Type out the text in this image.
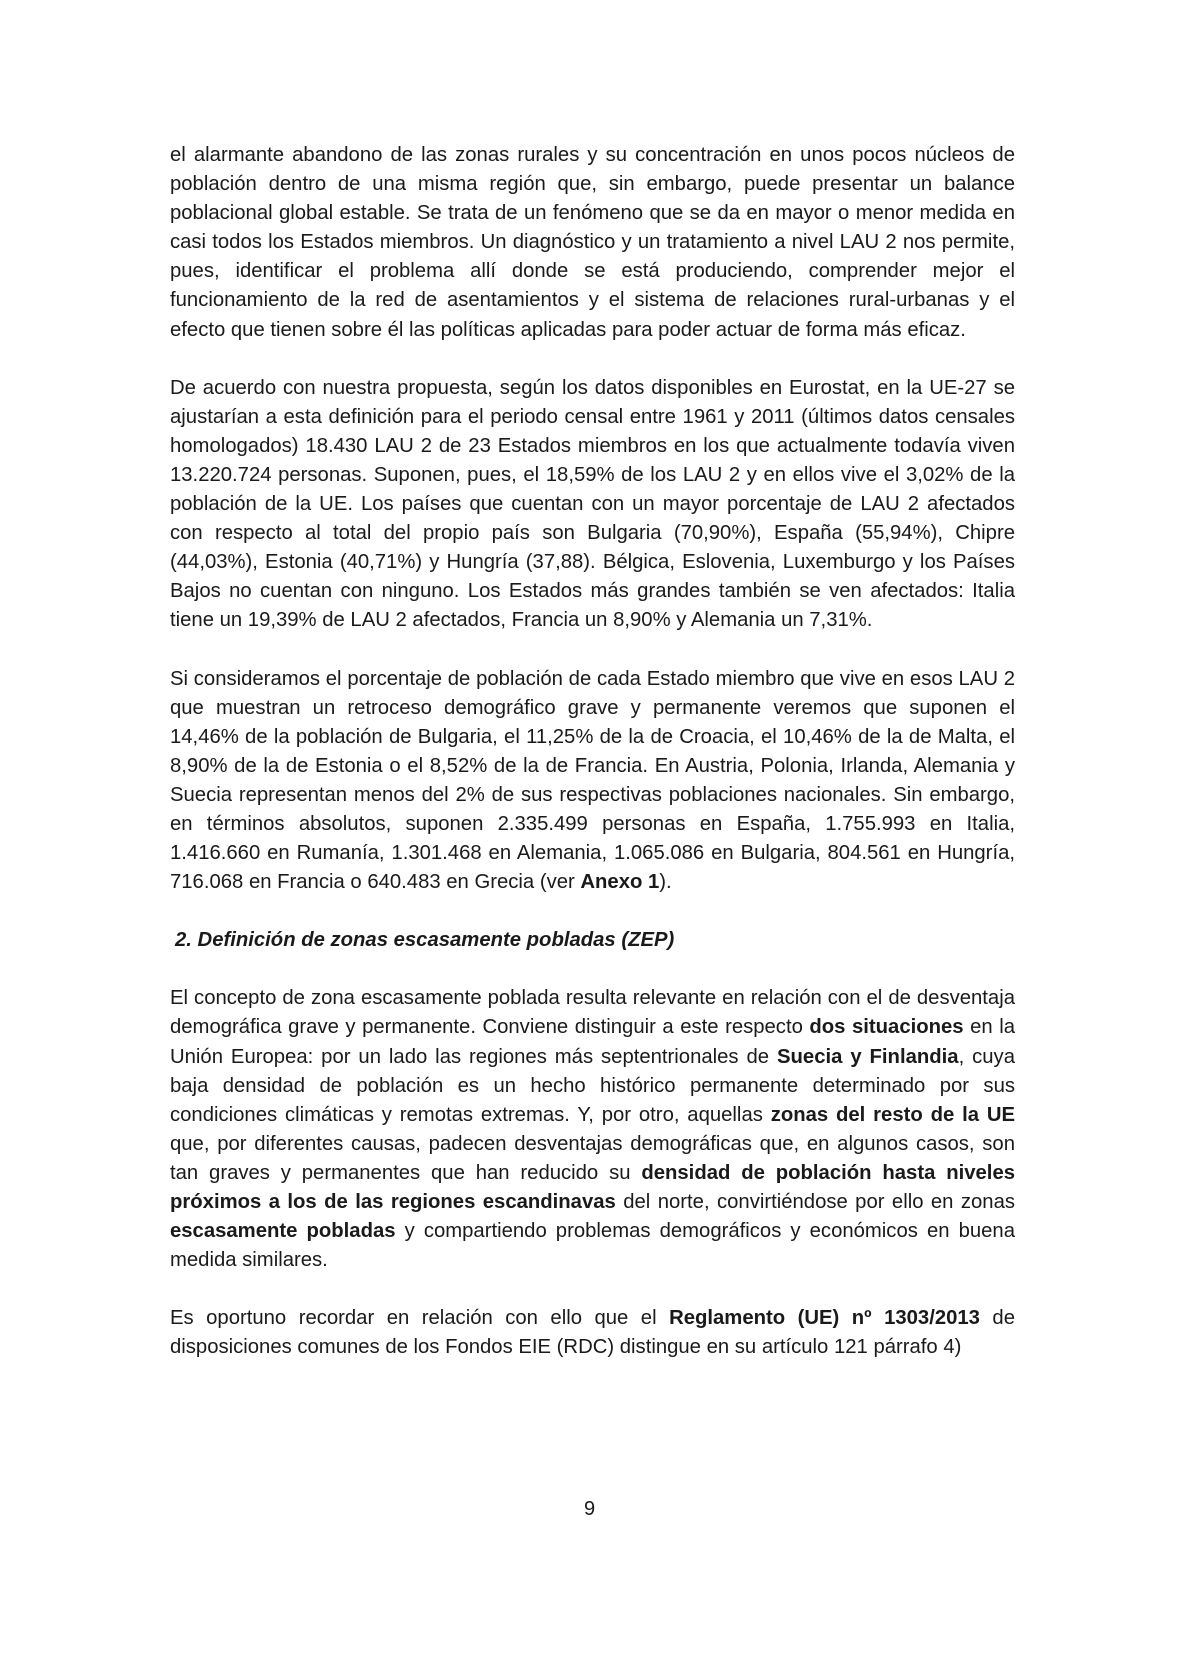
el alarmante abandono de las zonas rurales y su concentración en unos pocos núcleos de población dentro de una misma región que, sin embargo, puede presentar un balance poblacional global estable. Se trata de un fenómeno que se da en mayor o menor medida en casi todos los Estados miembros. Un diagnóstico y un tratamiento a nivel LAU 2 nos permite, pues, identificar el problema allí donde se está produciendo, comprender mejor el funcionamiento de la red de asentamientos y el sistema de relaciones rural-urbanas y el efecto que tienen sobre él las políticas aplicadas para poder actuar de forma más eficaz.

De acuerdo con nuestra propuesta, según los datos disponibles en Eurostat, en la UE-27 se ajustarían a esta definición para el periodo censal entre 1961 y 2011 (últimos datos censales homologados) 18.430 LAU 2 de 23 Estados miembros en los que actualmente todavía viven 13.220.724 personas. Suponen, pues, el 18,59% de los LAU 2 y en ellos vive el 3,02% de la población de la UE. Los países que cuentan con un mayor porcentaje de LAU 2 afectados con respecto al total del propio país son Bulgaria (70,90%), España (55,94%), Chipre (44,03%), Estonia (40,71%) y Hungría (37,88). Bélgica, Eslovenia, Luxemburgo y los Países Bajos no cuentan con ninguno. Los Estados más grandes también se ven afectados: Italia tiene un 19,39% de LAU 2 afectados, Francia un 8,90% y Alemania un 7,31%.

Si consideramos el porcentaje de población de cada Estado miembro que vive en esos LAU 2 que muestran un retroceso demográfico grave y permanente veremos que suponen el 14,46% de la población de Bulgaria, el 11,25% de la de Croacia, el 10,46% de la de Malta, el 8,90% de la de Estonia o el 8,52% de la de Francia. En Austria, Polonia, Irlanda, Alemania y Suecia representan menos del 2% de sus respectivas poblaciones nacionales. Sin embargo, en términos absolutos, suponen 2.335.499 personas en España, 1.755.993 en Italia, 1.416.660 en Rumanía, 1.301.468 en Alemania, 1.065.086 en Bulgaria, 804.561 en Hungría, 716.068 en Francia o 640.483 en Grecia (ver Anexo 1).

2. Definición de zonas escasamente pobladas (ZEP)

El concepto de zona escasamente poblada resulta relevante en relación con el de desventaja demográfica grave y permanente. Conviene distinguir a este respecto dos situaciones en la Unión Europea: por un lado las regiones más septentrionales de Suecia y Finlandia, cuya baja densidad de población es un hecho histórico permanente determinado por sus condiciones climáticas y remotas extremas. Y, por otro, aquellas zonas del resto de la UE que, por diferentes causas, padecen desventajas demográficas que, en algunos casos, son tan graves y permanentes que han reducido su densidad de población hasta niveles próximos a los de las regiones escandinavas del norte, convirtiéndose por ello en zonas escasamente pobladas y compartiendo problemas demográficos y económicos en buena medida similares.

Es oportuno recordar en relación con ello que el Reglamento (UE) nº 1303/2013 de disposiciones comunes de los Fondos EIE (RDC) distingue en su artículo 121 párrafo 4)

9
